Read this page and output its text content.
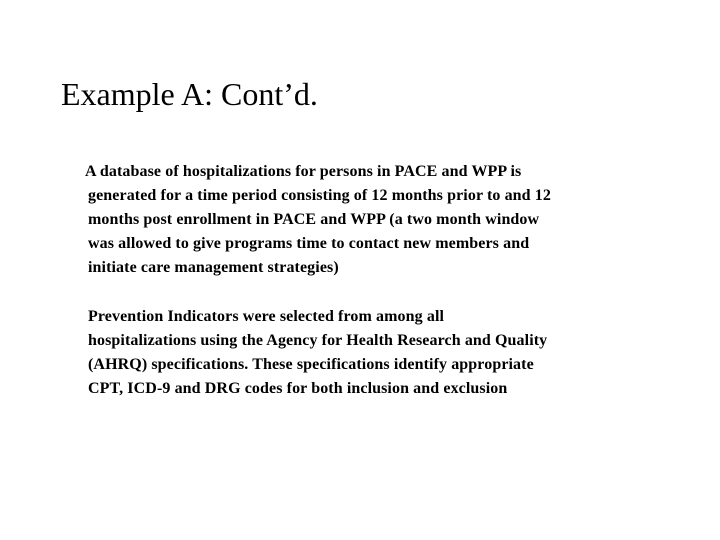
Example A: Cont’d.

A database of hospitalizations for persons in PACE and WPP is
generated for a time period consisting of 12 months prior to and 12
months post enrollment in PACE and WPP (a two month window
was allowed to give programs time to contact new members and
initiate care management strategies)

Prevention Indicators were selected from among all
hospitalizations using the Agency for Health Research and Quality
(AHRQ) specifications. These specifications identify appropriate
CPT, ICD-9 and DRG codes for both inclusion and exclusion
